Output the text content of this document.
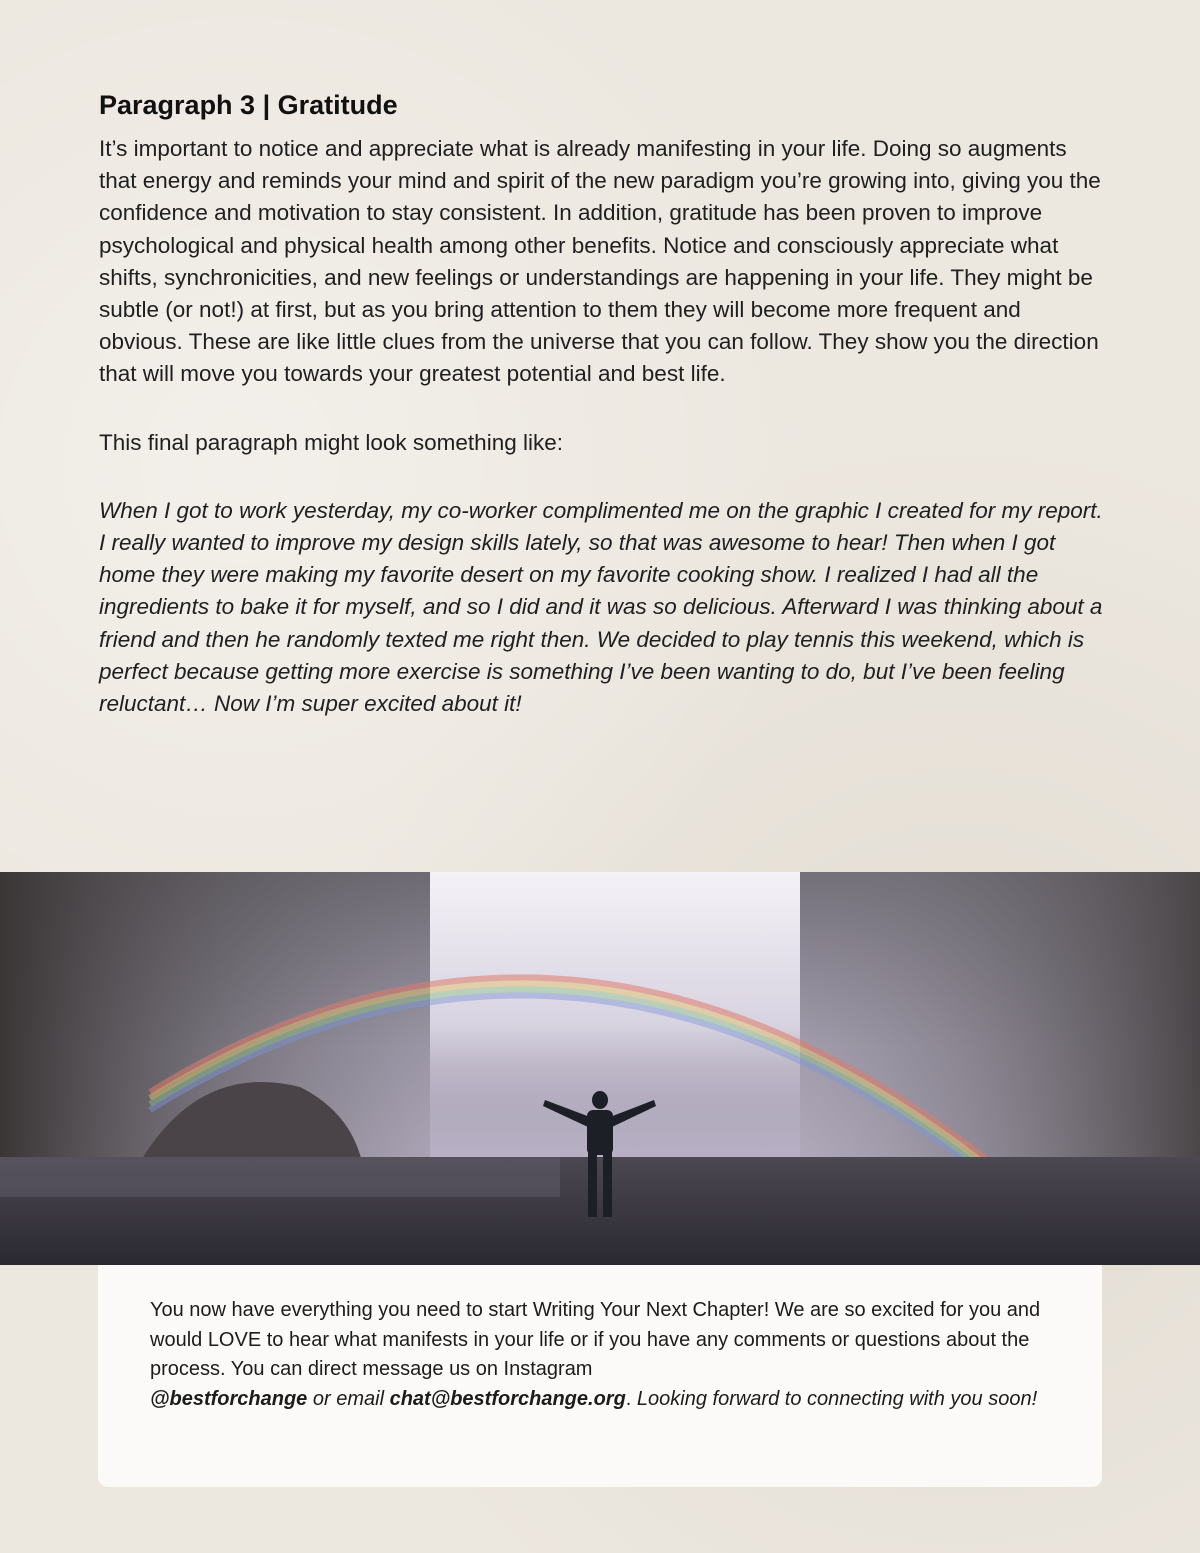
Paragraph 3 | Gratitude

It’s important to notice and appreciate what is already manifesting in your life. Doing so augments that energy and reminds your mind and spirit of the new paradigm you’re growing into, giving you the confidence and motivation to stay consistent. In addition, gratitude has been proven to improve psychological and physical health among other benefits. Notice and consciously appreciate what shifts, synchronicities, and new feelings or understandings are happening in your life. They might be subtle (or not!) at first, but as you bring attention to them they will become more frequent and obvious. These are like little clues from the universe that you can follow. They show you the direction that will move you towards your greatest potential and best life.

This final paragraph might look something like:

When I got to work yesterday, my co-worker complimented me on the graphic I created for my report. I really wanted to improve my design skills lately, so that was awesome to hear! Then when I got home they were making my favorite desert on my favorite cooking show. I realized I had all the ingredients to bake it for myself, and so I did and it was so delicious. Afterward I was thinking about a friend and then he randomly texted me right then. We decided to play tennis this weekend, which is perfect because getting more exercise is something I’ve been wanting to do, but I’ve been feeling reluctant… Now I’m super excited about it!

You now have everything you need to start Writing Your Next Chapter! We are so excited for you and would LOVE to hear what manifests in your life or if you have any comments or questions about the process. You can direct message us on Instagram
@bestforchange or email chat@bestforchange.org. Looking forward to connecting with you soon!
